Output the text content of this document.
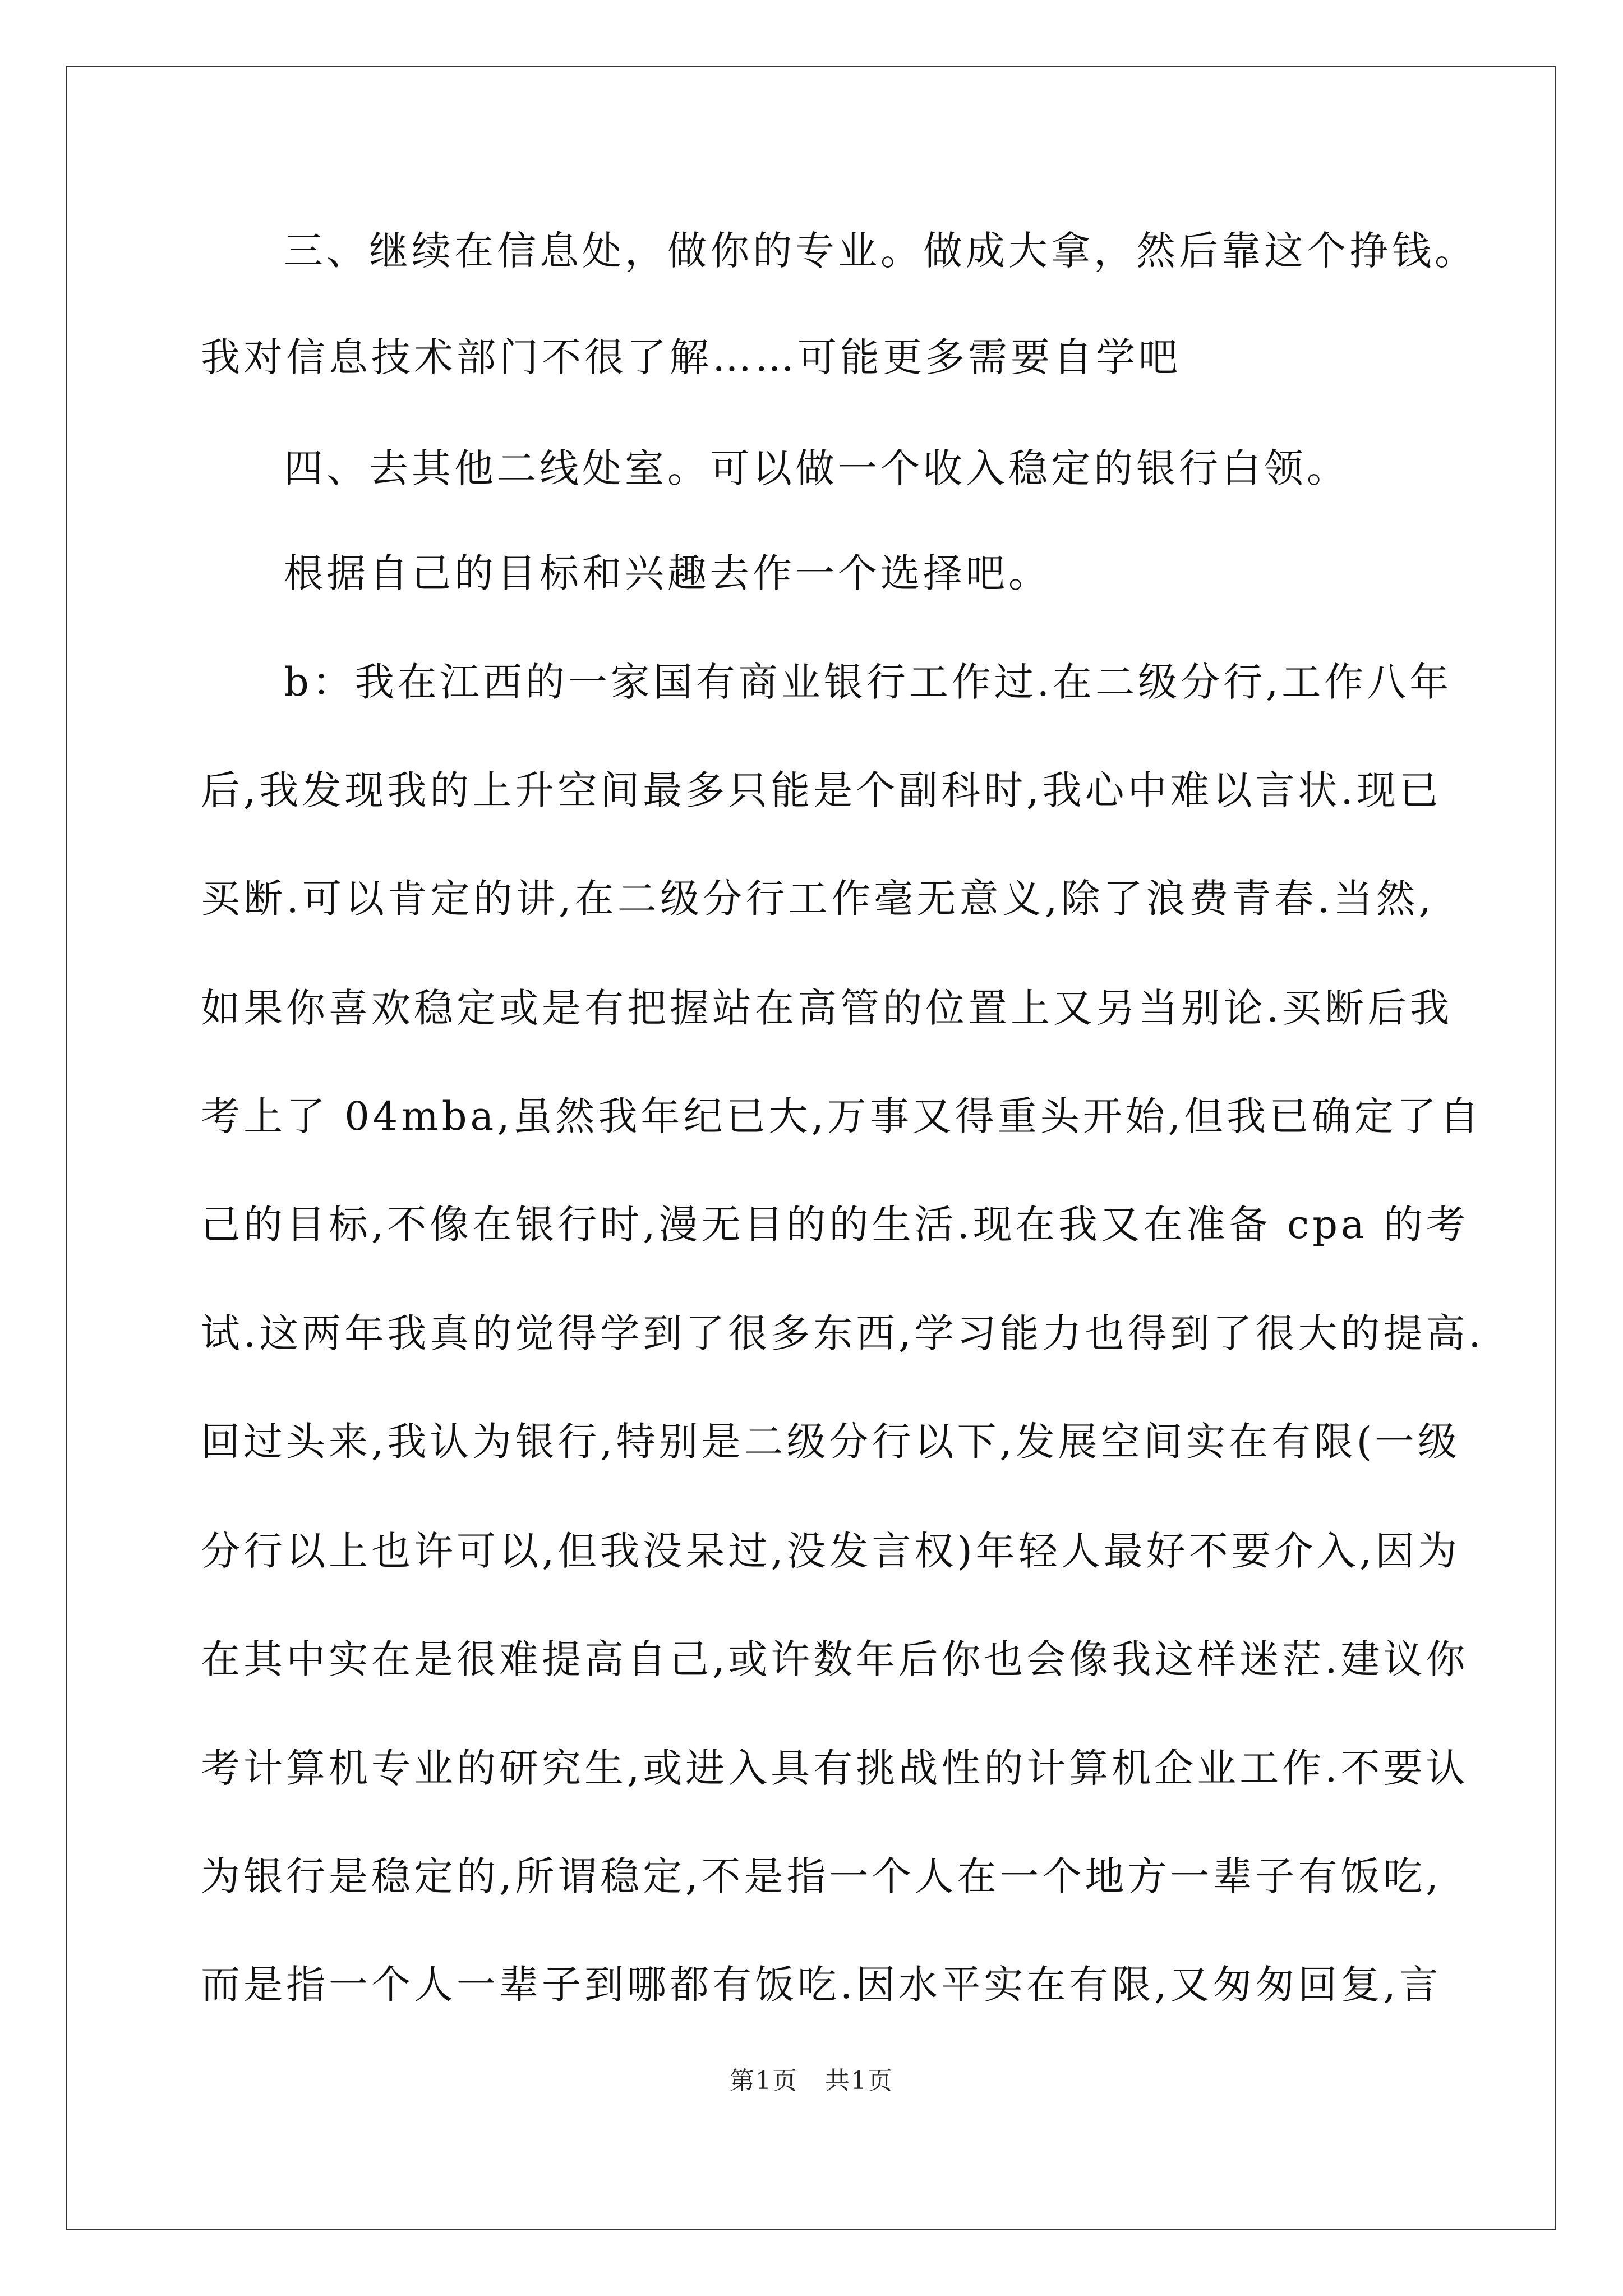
三、继续在信息处，做你的专业。做成大拿，然后靠这个挣钱。
我对信息技术部门不很了解……可能更多需要自学吧
四、去其他二线处室。可以做一个收入稳定的银行白领。
根据自己的目标和兴趣去作一个选择吧。
b：我在江西的一家国有商业银行工作过.在二级分行,工作八年
后,我发现我的上升空间最多只能是个副科时,我心中难以言状.现已
买断.可以肯定的讲,在二级分行工作毫无意义,除了浪费青春.当然,
如果你喜欢稳定或是有把握站在高管的位置上又另当别论.买断后我
考上了 04mba,虽然我年纪已大,万事又得重头开始,但我已确定了自
己的目标,不像在银行时,漫无目的的生活.现在我又在准备 cpa 的考
试.这两年我真的觉得学到了很多东西,学习能力也得到了很大的提高.
回过头来,我认为银行,特别是二级分行以下,发展空间实在有限(一级
分行以上也许可以,但我没呆过,没发言权)年轻人最好不要介入,因为
在其中实在是很难提高自己,或许数年后你也会像我这样迷茫.建议你
考计算机专业的研究生,或进入具有挑战性的计算机企业工作.不要认
为银行是稳定的,所谓稳定,不是指一个人在一个地方一辈子有饭吃,
而是指一个人一辈子到哪都有饭吃.因水平实在有限,又匆匆回复,言
第1页   共1页
